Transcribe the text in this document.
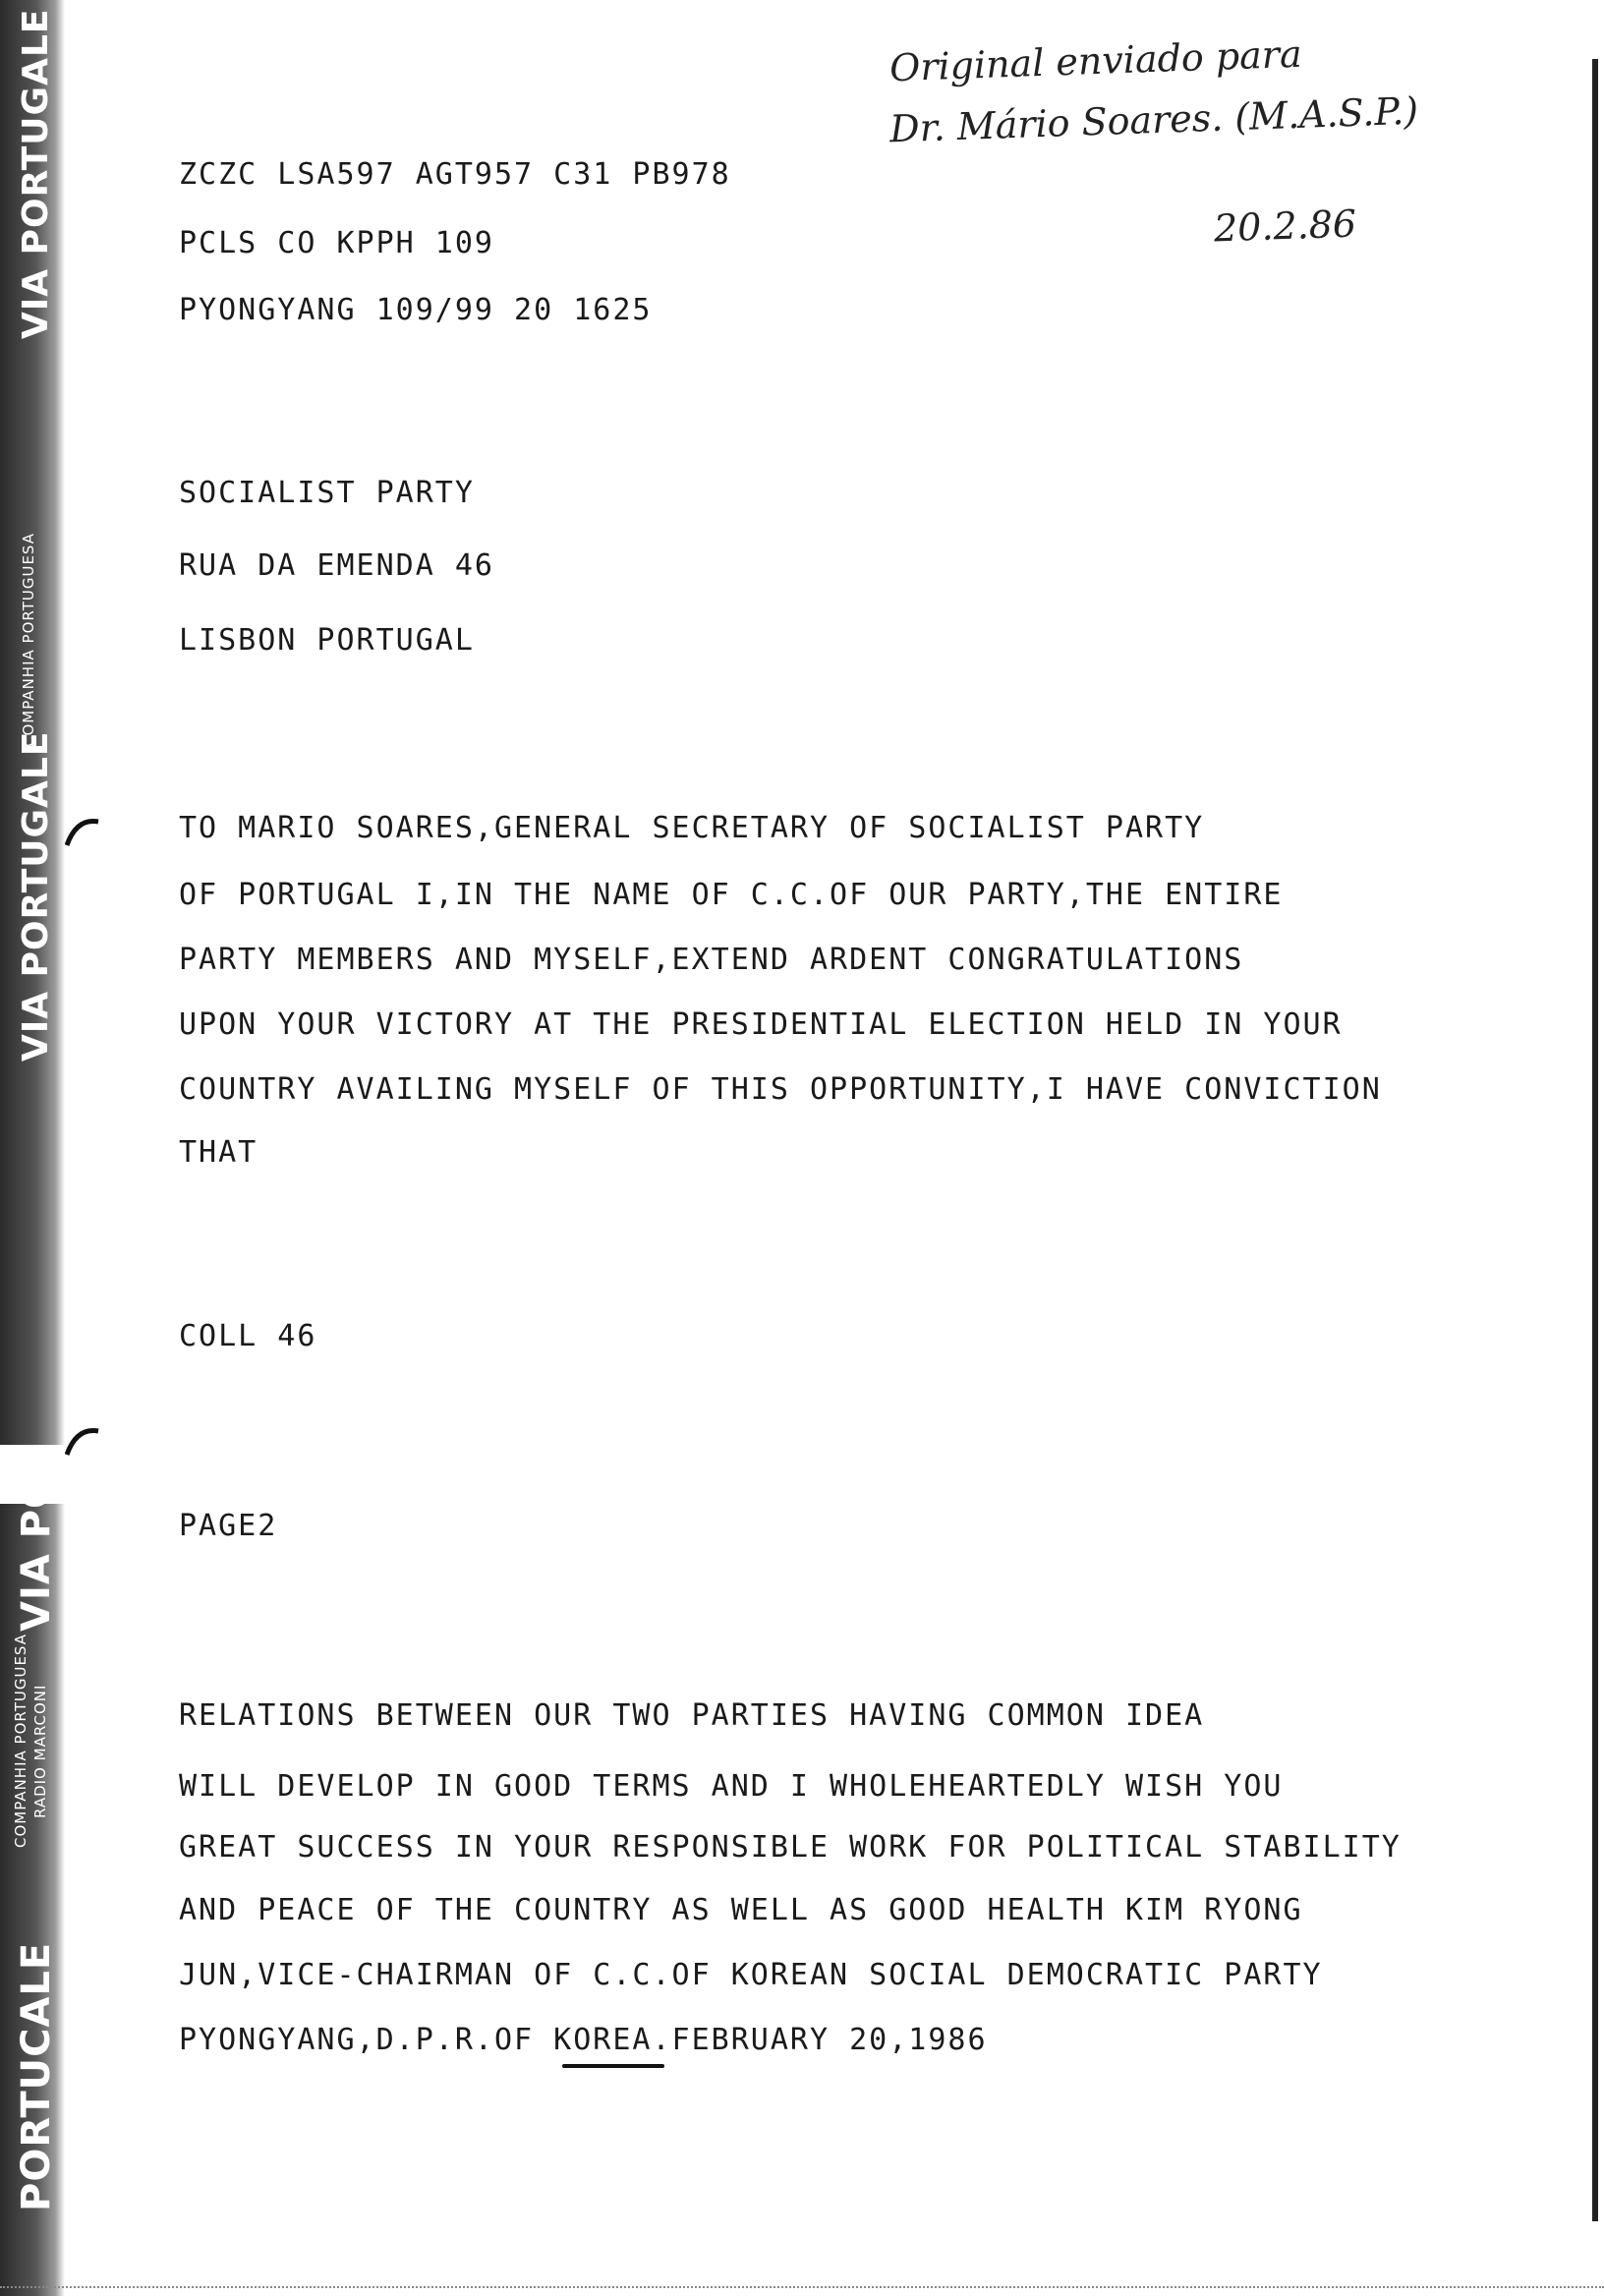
VIA PORTUGALE
COMPANHIA PORTUGUESA
VIA PORTUGALE
VIA PO
COMPANHIA PORTUGUESA RADIO MARCONI
PORTUCALE
Original enviado para
Dr. Mário Soares. (M.A.S.P.)
20.2.86
ZCZC LSA597 AGT957 C31 PB978
PCLS CO KPPH 109
PYONGYANG 109/99 20 1625
SOCIALIST PARTY
RUA DA EMENDA 46
LISBON PORTUGAL
TO MARIO SOARES,GENERAL SECRETARY OF SOCIALIST PARTY
OF PORTUGAL I,IN THE NAME OF C.C.OF OUR PARTY,THE ENTIRE
PARTY MEMBERS AND MYSELF,EXTEND ARDENT CONGRATULATIONS
UPON YOUR VICTORY AT THE PRESIDENTIAL ELECTION HELD IN YOUR
COUNTRY AVAILING MYSELF OF THIS OPPORTUNITY,I HAVE CONVICTION
THAT
COLL 46
PAGE2
RELATIONS BETWEEN OUR TWO PARTIES HAVING COMMON IDEA
WILL DEVELOP IN GOOD TERMS AND I WHOLEHEARTEDLY WISH YOU
GREAT SUCCESS IN YOUR RESPONSIBLE WORK FOR POLITICAL STABILITY
AND PEACE OF THE COUNTRY AS WELL AS GOOD HEALTH KIM RYONG
JUN,VICE-CHAIRMAN OF C.C.OF KOREAN SOCIAL DEMOCRATIC PARTY
PYONGYANG,D.P.R.OF KOREA.FEBRUARY 20,1986
